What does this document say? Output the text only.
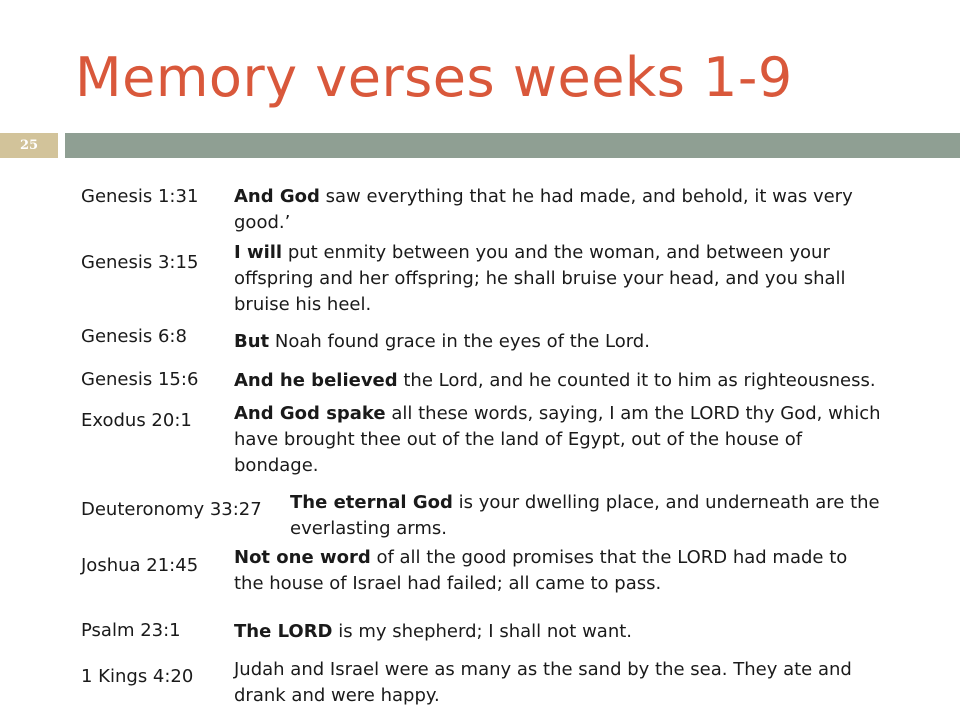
Memory verses weeks 1-9
25
Genesis 1:31
Genesis 3:15
Genesis 6:8
Genesis 15:6
Exodus 20:1
Deuteronomy 33:27
Joshua 21:45
Psalm 23:1
1 Kings 4:20
And God saw everything that he had made, and behold, it was very good.’
I will put enmity between you and the woman, and between your offspring and her offspring; he shall bruise your head, and you shall bruise his heel.
But Noah found grace in the eyes of the Lord.
And he believed the Lord, and he counted it to him as righteousness.
And God spake all these words, saying, I am the LORD thy God, which have brought thee out of the land of Egypt, out of the house of bondage.
The eternal God is your dwelling place, and underneath are the everlasting arms.
Not one word of all the good promises that the LORD had made to the house of Israel had failed; all came to pass.
The LORD is my shepherd; I shall not want.
Judah and Israel were as many as the sand by the sea. They ate and drank and were happy.
